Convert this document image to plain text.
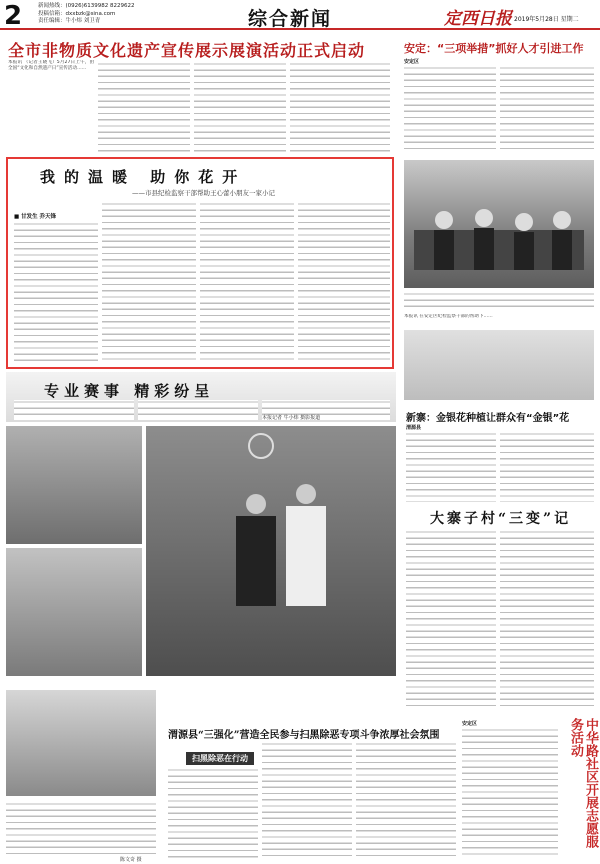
2	新闻热线：(0926)6139982 8229622
投稿信箱：dxxbzk@sina.com
责任编辑：牛小炜 刘卫青	综合新闻	定西日报 2019年5月28日 星期二
全市非物质文化遗产宣传展示展演活动正式启动
本报讯 （记者王晓飞）5月27日上午，由全国“文化和自然遗产日”宣传活动……
安定：“三项举措”抓好人才引进工作
安定区
我的温暖 助你花开
——市县纪检监察干部帮助王心蕾小朋友一家小记
■ 甘发生 乔天锋
本报讯 在安定区纪检监察干部的帮助下……
专业赛事 精彩纷呈
本报记者 牛小炜 摄影报道	新寨：金银花种植让群众有“金银”花
渭源县
大寨子村“三变”记
陈文奇 摄
渭源县“三强化”营造全民参与扫黑除恶专项斗争浓厚社会氛围
扫黑除恶在行动
安定区	中华路社区开展志愿服务活动
